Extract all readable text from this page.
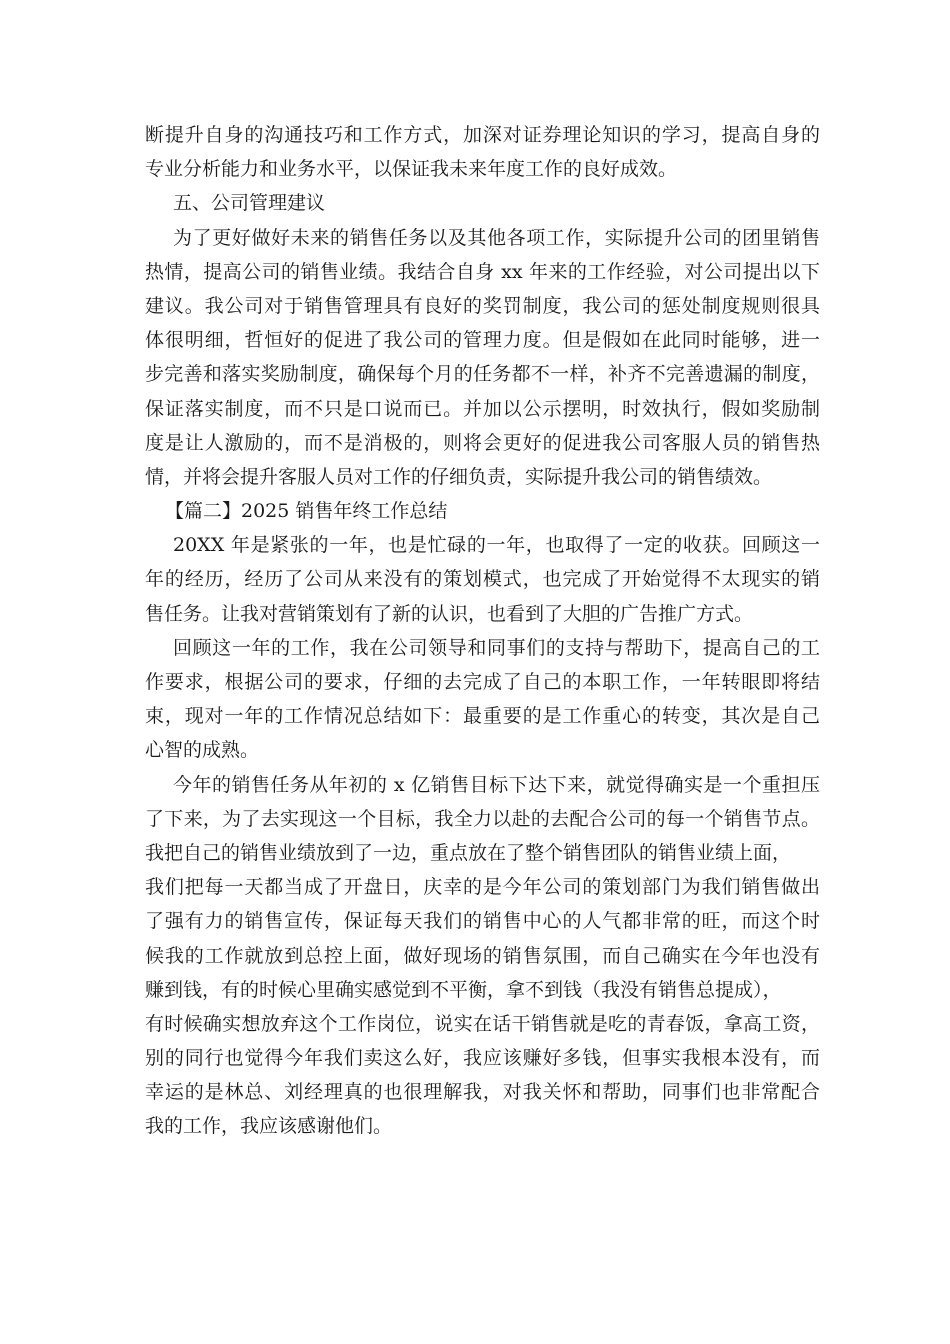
断提升自身的沟通技巧和工作方式，加深对证券理论知识的学习，提高自身的
专业分析能力和业务水平，以保证我未来年度工作的良好成效。
五、公司管理建议
为了更好做好未来的销售任务以及其他各项工作，实际提升公司的团里销售
热情，提高公司的销售业绩。我结合自身 xx 年来的工作经验，对公司提出以下
建议。我公司对于销售管理具有良好的奖罚制度，我公司的惩处制度规则很具
体很明细，哲恒好的促进了我公司的管理力度。但是假如在此同时能够，进一
步完善和落实奖励制度，确保每个月的任务都不一样，补齐不完善遗漏的制度，
保证落实制度，而不只是口说而已。并加以公示摆明，时效执行，假如奖励制
度是让人激励的，而不是消极的，则将会更好的促进我公司客服人员的销售热
情，并将会提升客服人员对工作的仔细负责，实际提升我公司的销售绩效。
【篇二】2025 销售年终工作总结
20XX 年是紧张的一年，也是忙碌的一年，也取得了一定的收获。回顾这一
年的经历，经历了公司从来没有的策划模式，也完成了开始觉得不太现实的销
售任务。让我对营销策划有了新的认识，也看到了大胆的广告推广方式。
回顾这一年的工作，我在公司领导和同事们的支持与帮助下，提高自己的工
作要求，根据公司的要求，仔细的去完成了自己的本职工作，一年转眼即将结
束，现对一年的工作情况总结如下：最重要的是工作重心的转变，其次是自己
心智的成熟。
今年的销售任务从年初的 x 亿销售目标下达下来，就觉得确实是一个重担压
了下来，为了去实现这一个目标，我全力以赴的去配合公司的每一个销售节点。
我把自己的销售业绩放到了一边，重点放在了整个销售团队的销售业绩上面，
我们把每一天都当成了开盘日，庆幸的是今年公司的策划部门为我们销售做出
了强有力的销售宣传，保证每天我们的销售中心的人气都非常的旺，而这个时
候我的工作就放到总控上面，做好现场的销售氛围，而自己确实在今年也没有
赚到钱，有的时候心里确实感觉到不平衡，拿不到钱（我没有销售总提成），
有时候确实想放弃这个工作岗位，说实在话干销售就是吃的青春饭，拿高工资，
别的同行也觉得今年我们卖这么好，我应该赚好多钱，但事实我根本没有，而
幸运的是林总、刘经理真的也很理解我，对我关怀和帮助，同事们也非常配合
我的工作，我应该感谢他们。
